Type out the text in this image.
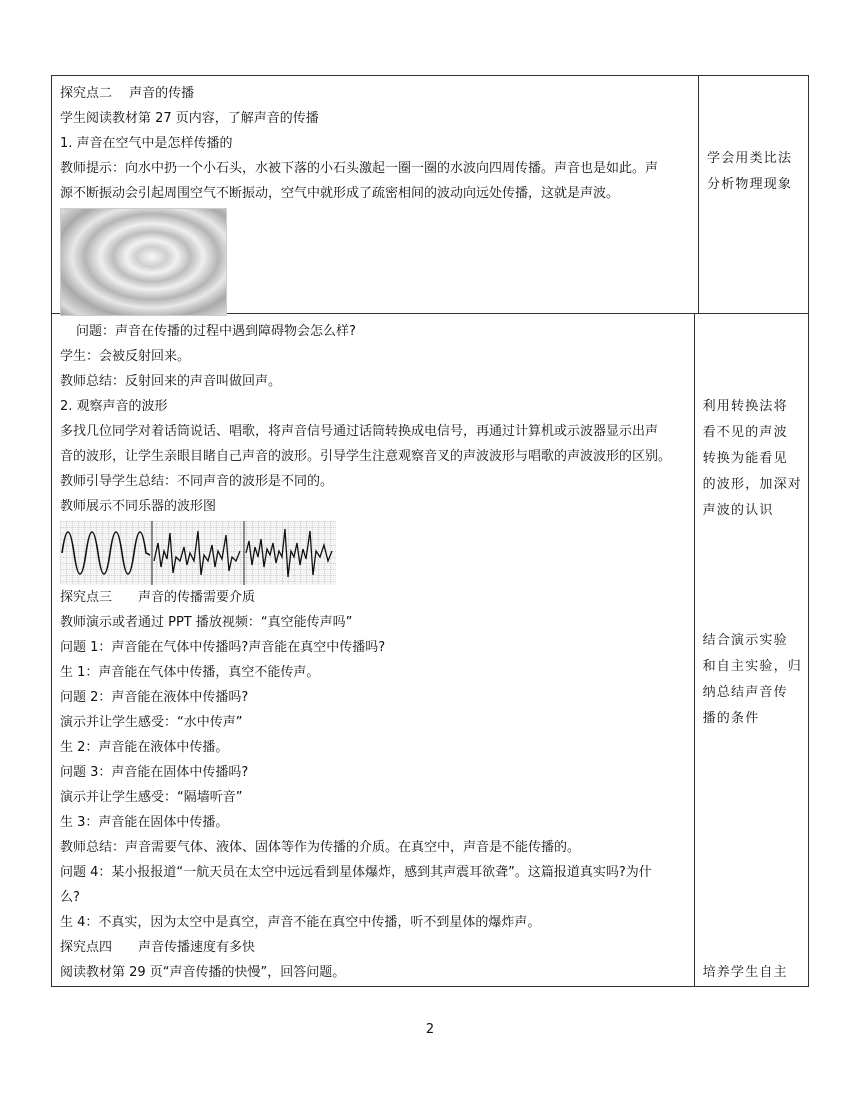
探究点二　 声音的传播
学生阅读教材第 27 页内容，了解声音的传播
1. 声音在空气中是怎样传播的
教师提示：向水中扔一个小石头，水被下落的小石头激起一圈一圈的水波向四周传播。声音也是如此。声
源不断振动会引起周围空气不断振动，空气中就形成了疏密相间的波动向远处传播，这就是声波。
学会用类比法
分析物理现象
问题：声音在传播的过程中遇到障碍物会怎么样?
学生：会被反射回来。
教师总结：反射回来的声音叫做回声。
2. 观察声音的波形
多找几位同学对着话筒说话、唱歌，将声音信号通过话筒转换成电信号，再通过计算机或示波器显示出声
音的波形，让学生亲眼目睹自己声音的波形。引导学生注意观察音叉的声波波形与唱歌的声波波形的区别。
教师引导学生总结：不同声音的波形是不同的。
教师展示不同乐器的波形图
探究点三　　声音的传播需要介质
教师演示或者通过 PPT 播放视频：“真空能传声吗”
问题 1：声音能在气体中传播吗?声音能在真空中传播吗?
生 1：声音能在气体中传播，真空不能传声。
问题 2：声音能在液体中传播吗?
演示并让学生感受：“水中传声”
生 2：声音能在液体中传播。
问题 3：声音能在固体中传播吗?
演示并让学生感受：“隔墙听音”
生 3：声音能在固体中传播。
教师总结：声音需要气体、液体、固体等作为传播的介质。在真空中，声音是不能传播的。
问题 4：某小报报道“一航天员在太空中远远看到星体爆炸，感到其声震耳欲聋”。这篇报道真实吗?为什
么?
生 4：不真实，因为太空中是真空，声音不能在真空中传播，听不到星体的爆炸声。
探究点四　　声音传播速度有多快
阅读教材第 29 页“声音传播的快慢”，回答问题。
利用转换法将
看不见的声波
转换为能看见
的波形，加深对
声波的认识
结合演示实验
和自主实验，归
纳总结声音传
播的条件
培养学生自主
2
